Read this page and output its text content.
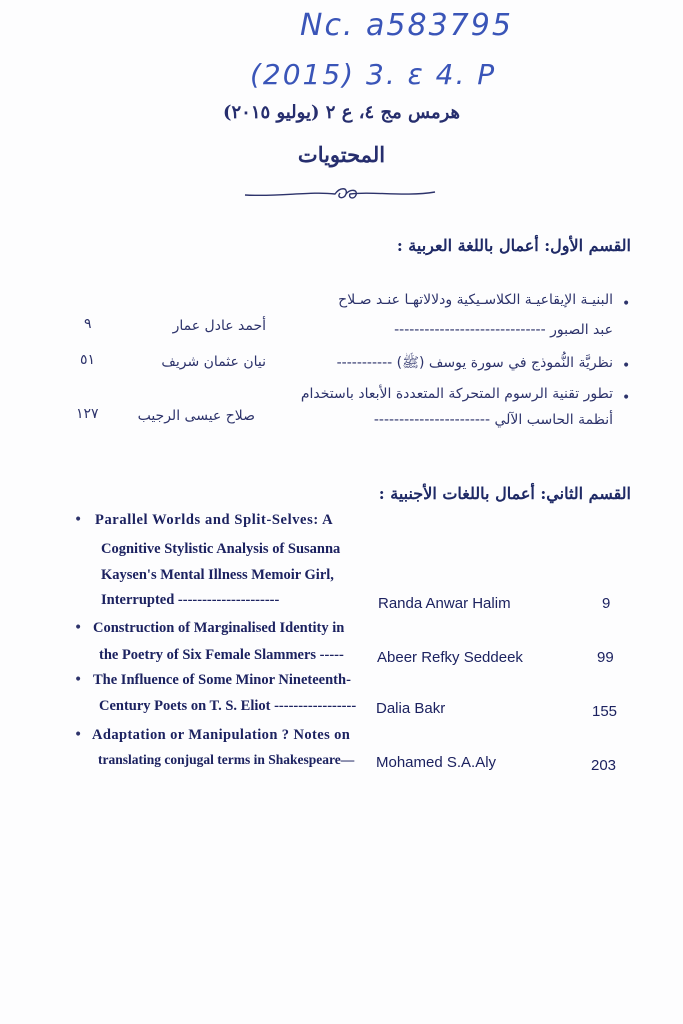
Nc. a583795
(2015) 3. ε 4. P
هرمس مج ٤، ع ٢ (يوليو ٢٠١٥)
المحتويات
القسم الأول: أعمال باللغة العربية :
•
البنيـة الإيقاعيـة الكلاسـيكية ودلالاتهـا عنـد صـلاح
عبد الصبور ------------------------------
أحمد عادل عمار
٩
•
نظريَّة النُّموذج في سورة يوسف (ﷺ) -----------
نيان عثمان شريف
٥١
•
تطور تقنية الرسوم المتحركة المتعددة الأبعاد باستخدام
أنظمة الحاسب الآلي -----------------------
صلاح عيسى الرجيب
١٢٧
القسم الثاني: أعمال باللغات الأجنبية :
• Parallel Worlds and Split-Selves: A
Cognitive Stylistic Analysis of Susanna
Kaysen's Mental Illness Memoir Girl,
Interrupted ---------------------	Randa Anwar Halim	9
• Construction of Marginalised Identity in
the Poetry of Six Female Slammers ----- Abeer Refky Seddeek	99
• The Influence of Some Minor Nineteenth-
Century Poets on T. S. Eliot ----------------- Dalia Bakr	155
• Adaptation or Manipulation ? Notes on
translating conjugal terms in Shakespeare— Mohamed S.A.Aly	203
